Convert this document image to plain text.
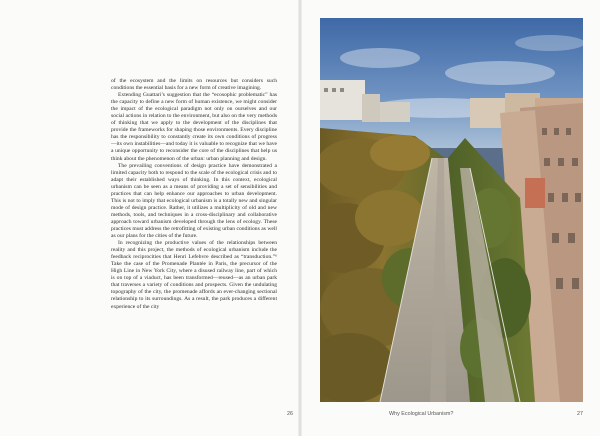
of the ecosystem and the limits on resources but considers such conditions the essential basis for a new form of creative imagining.

Extending Guattari’s suggestion that the “ecosophic problematic” has the capacity to define a new form of human existence, we might consider the impact of the ecological paradigm not only on ourselves and our social actions in relation to the environment, but also on the very methods of thinking that we apply to the development of the disciplines that provide the frameworks for shaping those environments. Every discipline has the responsibility to constantly create its own conditions of progress—its own instabilities—and today it is valuable to recognize that we have a unique opportunity to reconsider the core of the disciplines that help us think about the phenomenon of the urban: urban planning and design.

The prevailing conventions of design practice have demonstrated a limited capacity both to respond to the scale of the ecological crisis and to adapt their established ways of thinking. In this context, ecological urbanism can be seen as a means of providing a set of sensibilities and practices that can help enhance our approaches to urban development. This is not to imply that ecological urbanism is a totally new and singular mode of design practice. Rather, it utilizes a multiplicity of old and new methods, tools, and techniques in a cross-disciplinary and collaborative approach toward urbanism developed through the lens of ecology. These practices must address the retrofitting of existing urban conditions as well as our plans for the cities of the future.

In recognizing the productive values of the relationships between reality and this project, the methods of ecological urbanism include the feedback reciprocities that Henri Lefebvre described as “transduction.”⁶ Take the case of the Promenade Plantée in Paris, the precursor of the High Line in New York City, where a disused railway line, part of which is on top of a viaduct, has been transformed—reused—as an urban park that traverses a variety of conditions and prospects. Given the undulating topography of the city, the promenade affords an ever-changing sectional relationship to its surroundings. As a result, the park produces a different experience of the city

26	Why Ecological Urbanism?	27
